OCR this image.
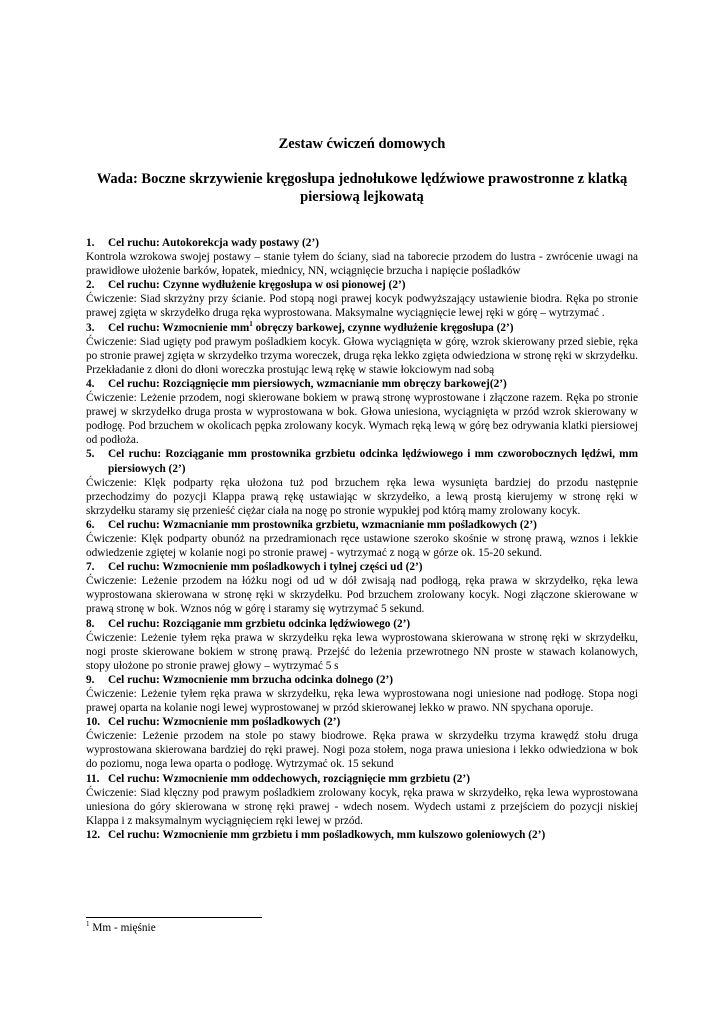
Zestaw ćwiczeń domowych
Wada: Boczne skrzywienie kręgosłupa jednołukowe lędźwiowe prawostronne z klatką piersiową lejkowatą
1.	Cel ruchu: Autokorekcja wady postawy (2’)

Kontrola wzrokowa swojej postawy – stanie tyłem do ściany, siad na taborecie przodem do lustra - zwrócenie uwagi na prawidłowe ułożenie barków, łopatek, miednicy, NN, wciągnięcie brzucha i napięcie pośladków

2.	Cel ruchu: Czynne wydłużenie kręgosłupa w osi pionowej (2’)

Ćwiczenie: Siad skrzyżny przy ścianie. Pod stopą nogi prawej kocyk podwyższający ustawienie biodra. Ręka po stronie prawej zgięta w skrzydełko druga ręka wyprostowana. Maksymalne wyciągnięcie lewej ręki w górę – wytrzymać .

3.	Cel ruchu: Wzmocnienie $mm^1$ obręczy barkowej, czynne wydłużenie kręgosłupa (2’)

Ćwiczenie: Siad ugięty pod prawym pośladkiem kocyk. Głowa wyciągnięta w górę, wzrok skierowany przed siebie, ręka po stronie prawej zgięta w skrzydełko trzyma woreczek, druga ręka lekko zgięta odwiedziona w stronę ręki w skrzydełku. Przekładanie z dłoni do dłoni woreczka prostując lewą rękę w stawie łokciowym nad sobą

4.	Cel ruchu: Rozciągnięcie mm piersiowych, wzmacnianie mm obręczy barkowej(2’)

Ćwiczenie: Leżenie przodem, nogi skierowane bokiem w prawą stronę wyprostowane i złączone razem. Ręka po stronie prawej w skrzydełko druga prosta w wyprostowana w bok. Głowa uniesiona, wyciągnięta w przód wzrok skierowany w podłogę. Pod brzuchem w okolicach pępka zrolowany kocyk. Wymach ręką lewą w górę bez odrywania klatki piersiowej od podłoża.

5.	Cel ruchu: Rozciąganie mm prostownika grzbietu odcinka lędźwiowego i mm czworobocznych lędźwi, mm piersiowych (2’)

Ćwiczenie: Klęk podparty ręka ułożona tuż pod brzuchem ręka lewa wysunięta bardziej do przodu następnie przechodzimy do pozycji Klappa prawą rękę ustawiając w skrzydełko, a lewą prostą kierujemy w stronę ręki w skrzydełku staramy się przenieść ciężar ciała na nogę po stronie wypukłej pod którą mamy zrolowany kocyk.

6.	Cel ruchu: Wzmacnianie mm prostownika grzbietu, wzmacnianie mm pośladkowych (2’)

Ćwiczenie: Klęk podparty obunóż na przedramionach ręce ustawione szeroko skośnie w stronę prawą, wznos i lekkie odwiedzenie zgiętej w kolanie nogi po stronie prawej - wytrzymać z nogą w górze ok. 15-20 sekund.

7.	Cel ruchu: Wzmocnienie mm pośladkowych i tylnej części ud (2’)

Ćwiczenie: Leżenie przodem na łóżku nogi od ud w dół zwisają nad podłogą, ręka prawa w skrzydełko, ręka lewa wyprostowana skierowana w stronę ręki w skrzydełku. Pod brzuchem zrolowany kocyk. Nogi złączone skierowane w prawą stronę w bok. Wznos nóg w górę i staramy się wytrzymać 5 sekund.

8.	Cel ruchu: Rozciąganie mm grzbietu odcinka lędźwiowego (2’)

Ćwiczenie: Leżenie tyłem ręka prawa w skrzydełku ręka lewa wyprostowana skierowana w stronę ręki w skrzydełku, nogi proste skierowane bokiem w stronę prawą. Przejść do leżenia przewrotnego NN proste w stawach kolanowych, stopy ułożone po stronie prawej głowy – wytrzymać 5 s

9.	Cel ruchu: Wzmocnienie mm brzucha odcinka dolnego (2’)

Ćwiczenie: Leżenie tyłem ręka prawa w skrzydełku, ręka lewa wyprostowana nogi uniesione nad podłogę. Stopa nogi prawej oparta na kolanie nogi lewej wyprostowanej w przód skierowanej lekko w prawo. NN spychana oporuje.

10. Cel ruchu: Wzmocnienie mm pośladkowych (2’)

Ćwiczenie: Leżenie przodem na stole po stawy biodrowe. Ręka prawa w skrzydełku trzyma krawędź stołu druga wyprostowana skierowana bardziej do ręki prawej. Nogi poza stołem, noga prawa uniesiona i lekko odwiedziona w bok do poziomu, noga lewa oparta o podłogę. Wytrzymać ok. 15 sekund

11. Cel ruchu: Wzmocnienie mm oddechowych, rozciągnięcie mm grzbietu (2’)

Ćwiczenie: Siad klęczny pod prawym pośladkiem zrolowany kocyk, ręka prawa w skrzydełko, ręka lewa wyprostowana uniesiona do góry skierowana w stronę ręki prawej - wdech nosem. Wydech ustami z przejściem do pozycji niskiej Klappa i z maksymalnym wyciągnięciem ręki lewej w przód.

12. Cel ruchu: Wzmocnienie mm grzbietu i mm pośladkowych, mm kulszowo goleniowych (2’)
$^1$ Mm - mięśnie
